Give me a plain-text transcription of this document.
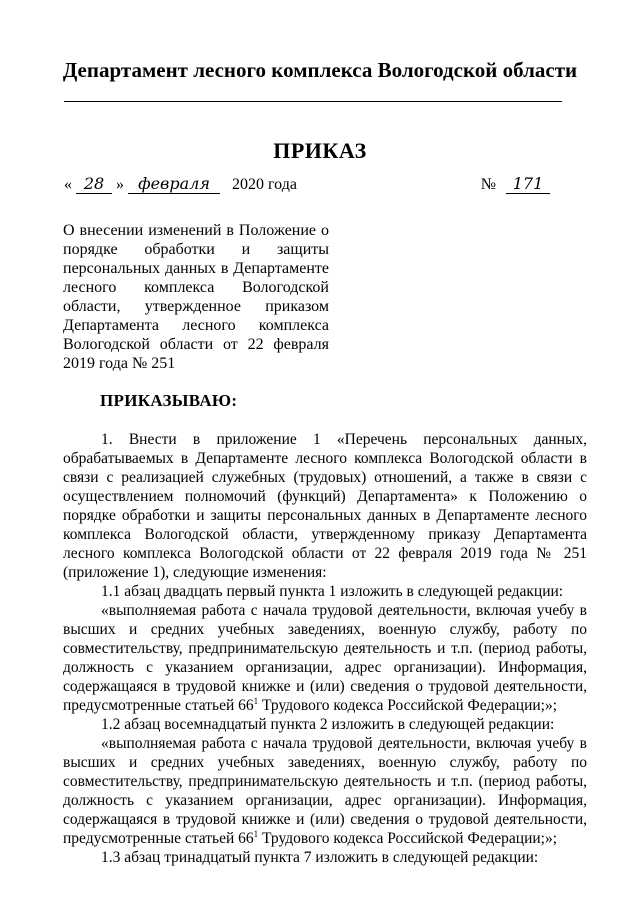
Департамент лесного комплекса Вологодской области
ПРИКАЗ
« 28 » февраля 2020 года	№ 171
О внесении изменений в Положение о порядке обработки и защиты персональных данных в Департаменте лесного комплекса Вологодской области, утвержденное приказом Департамента лесного комплекса Вологодской области от 22 февраля 2019 года № 251
ПРИКАЗЫВАЮ:

1. Внести в приложение 1 «Перечень персональных данных, обрабатываемых в Департаменте лесного комплекса Вологодской области в связи с реализацией служебных (трудовых) отношений, а также в связи с осуществлением полномочий (функций) Департамента» к Положению о порядке обработки и защиты персональных данных в Департаменте лесного комплекса Вологодской области, утвержденному приказу Департамента лесного комплекса Вологодской области от 22 февраля 2019 года № 251 (приложение 1), следующие изменения:

1.1 абзац двадцать первый пункта 1 изложить в следующей редакции:

«выполняемая работа с начала трудовой деятельности, включая учебу в высших и средних учебных заведениях, военную службу, работу по совместительству, предпринимательскую деятельность и т.п. (период работы, должность с указанием организации, адрес организации). Информация, содержащаяся в трудовой книжке и (или) сведения о трудовой деятельности, предусмотренные статьей $66^1$ Трудового кодекса Российской Федерации;»;

1.2 абзац восемнадцатый пункта 2 изложить в следующей редакции:

«выполняемая работа с начала трудовой деятельности, включая учебу в высших и средних учебных заведениях, военную службу, работу по совместительству, предпринимательскую деятельность и т.п. (период работы, должность с указанием организации, адрес организации). Информация, содержащаяся в трудовой книжке и (или) сведения о трудовой деятельности, предусмотренные статьей $66^1$ Трудового кодекса Российской Федерации;»;

1.3 абзац тринадцатый пункта 7 изложить в следующей редакции:
